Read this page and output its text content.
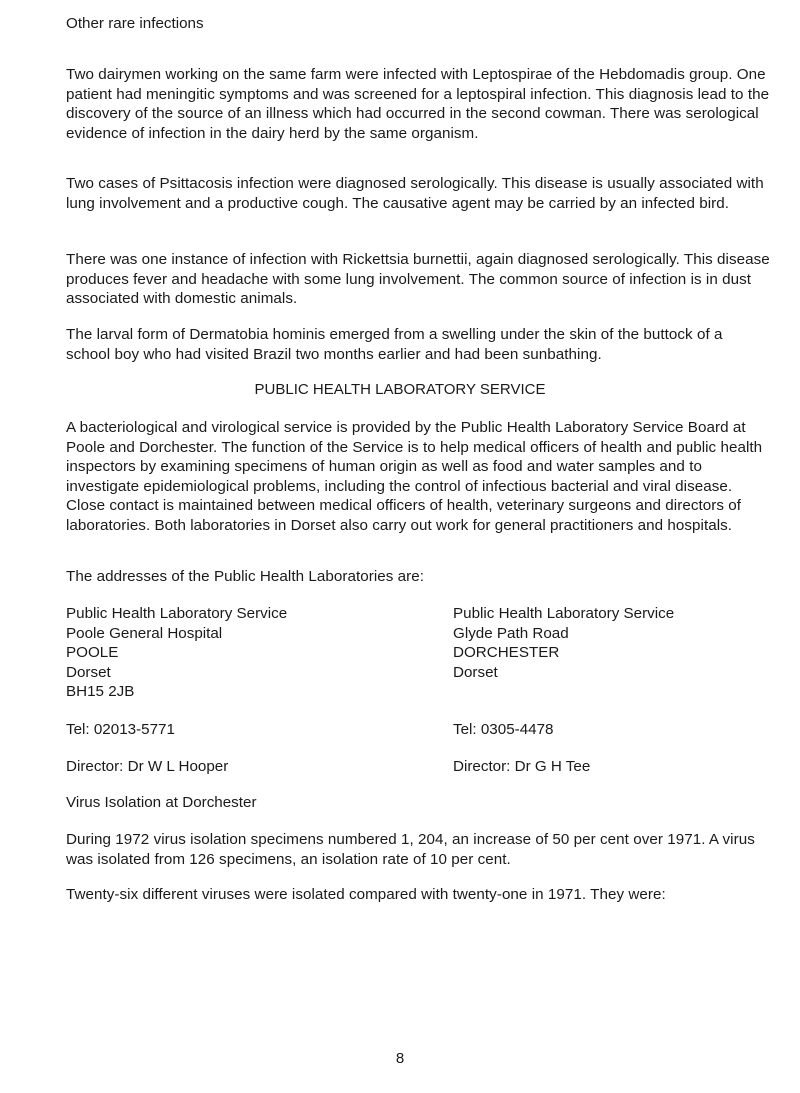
Other rare infections

Two dairymen working on the same farm were infected with Leptospirae of the Hebdomadis group. One patient had meningitic symptoms and was screened for a leptospiral infection. This diagnosis lead to the discovery of the source of an illness which had occurred in the second cowman. There was serological evidence of infection in the dairy herd by the same organism.

Two cases of Psittacosis infection were diagnosed serologically. This disease is usually associated with lung involvement and a productive cough. The causative agent may be carried by an infected bird.

There was one instance of infection with Rickettsia burnettii, again diagnosed serologically. This disease produces fever and headache with some lung involvement. The common source of infection is in dust associated with domestic animals.

The larval form of Dermatobia hominis emerged from a swelling under the skin of the buttock of a school boy who had visited Brazil two months earlier and had been sunbathing.

PUBLIC HEALTH LABORATORY SERVICE

A bacteriological and virological service is provided by the Public Health Laboratory Service Board at Poole and Dorchester. The function of the Service is to help medical officers of health and public health inspectors by examining specimens of human origin as well as food and water samples and to investigate epidemiological problems, including the control of infectious bacterial and viral disease. Close contact is maintained between medical officers of health, veterinary surgeons and directors of laboratories. Both laboratories in Dorset also carry out work for general practitioners and hospitals.

The addresses of the Public Health Laboratories are:

Public Health Laboratory Service
Poole General Hospital
POOLE
Dorset
BH15 2JB
Public Health Laboratory Service
Glyde Path Road
DORCHESTER
Dorset
Tel: 02013-5771	Tel: 0305-4478
Director: Dr W L Hooper	Director: Dr G H Tee
Virus Isolation at Dorchester

During 1972 virus isolation specimens numbered 1, 204, an increase of 50 per cent over 1971. A virus was isolated from 126 specimens, an isolation rate of 10 per cent.

Twenty-six different viruses were isolated compared with twenty-one in 1971. They were:

8
